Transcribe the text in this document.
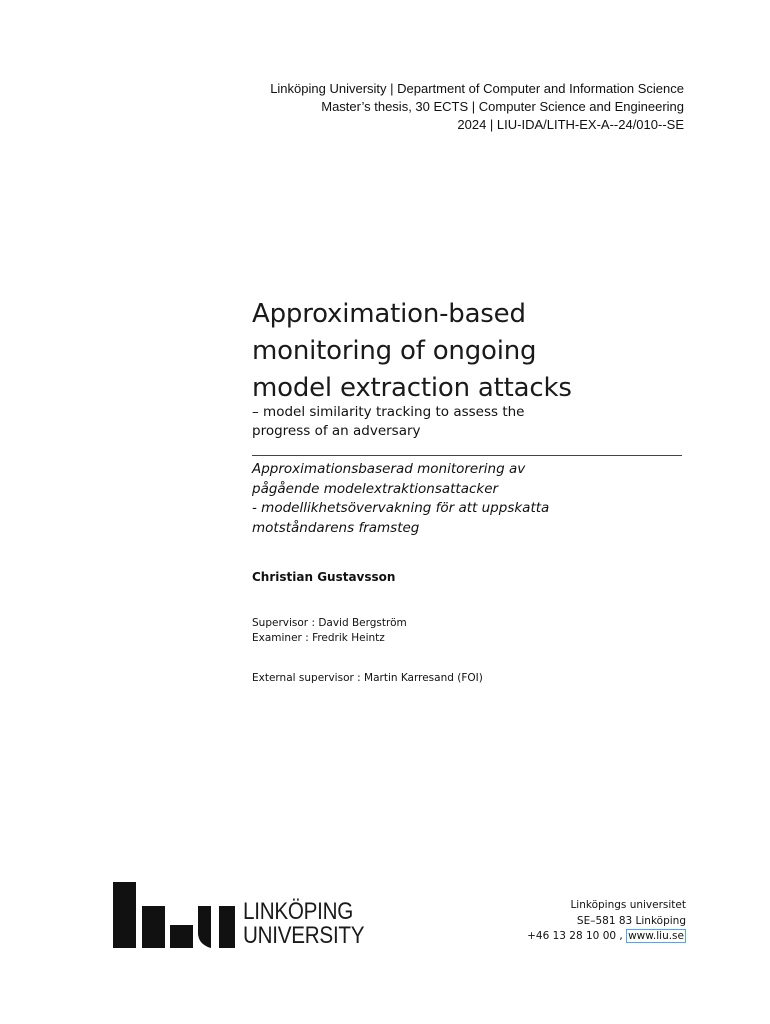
Linköping University | Department of Computer and Information Science
Master’s thesis, 30 ECTS | Computer Science and Engineering
2024 | LIU-IDA/LITH-EX-A--24/010--SE
Approximation-based
monitoring of ongoing
model extraction attacks
– model similarity tracking to assess the
progress of an adversary
Approximationsbaserad monitorering av
pågående modelextraktionsattacker
- modellikhetsövervakning för att uppskatta
motståndarens framsteg
Christian Gustavsson
Supervisor : David Bergström
Examiner : Fredrik Heintz
External supervisor : Martin Karresand (FOI)
LINKÖPING
UNIVERSITY
Linköpings universitet
SE–581 83 Linköping
+46 13 28 10 00 , www.liu.se
